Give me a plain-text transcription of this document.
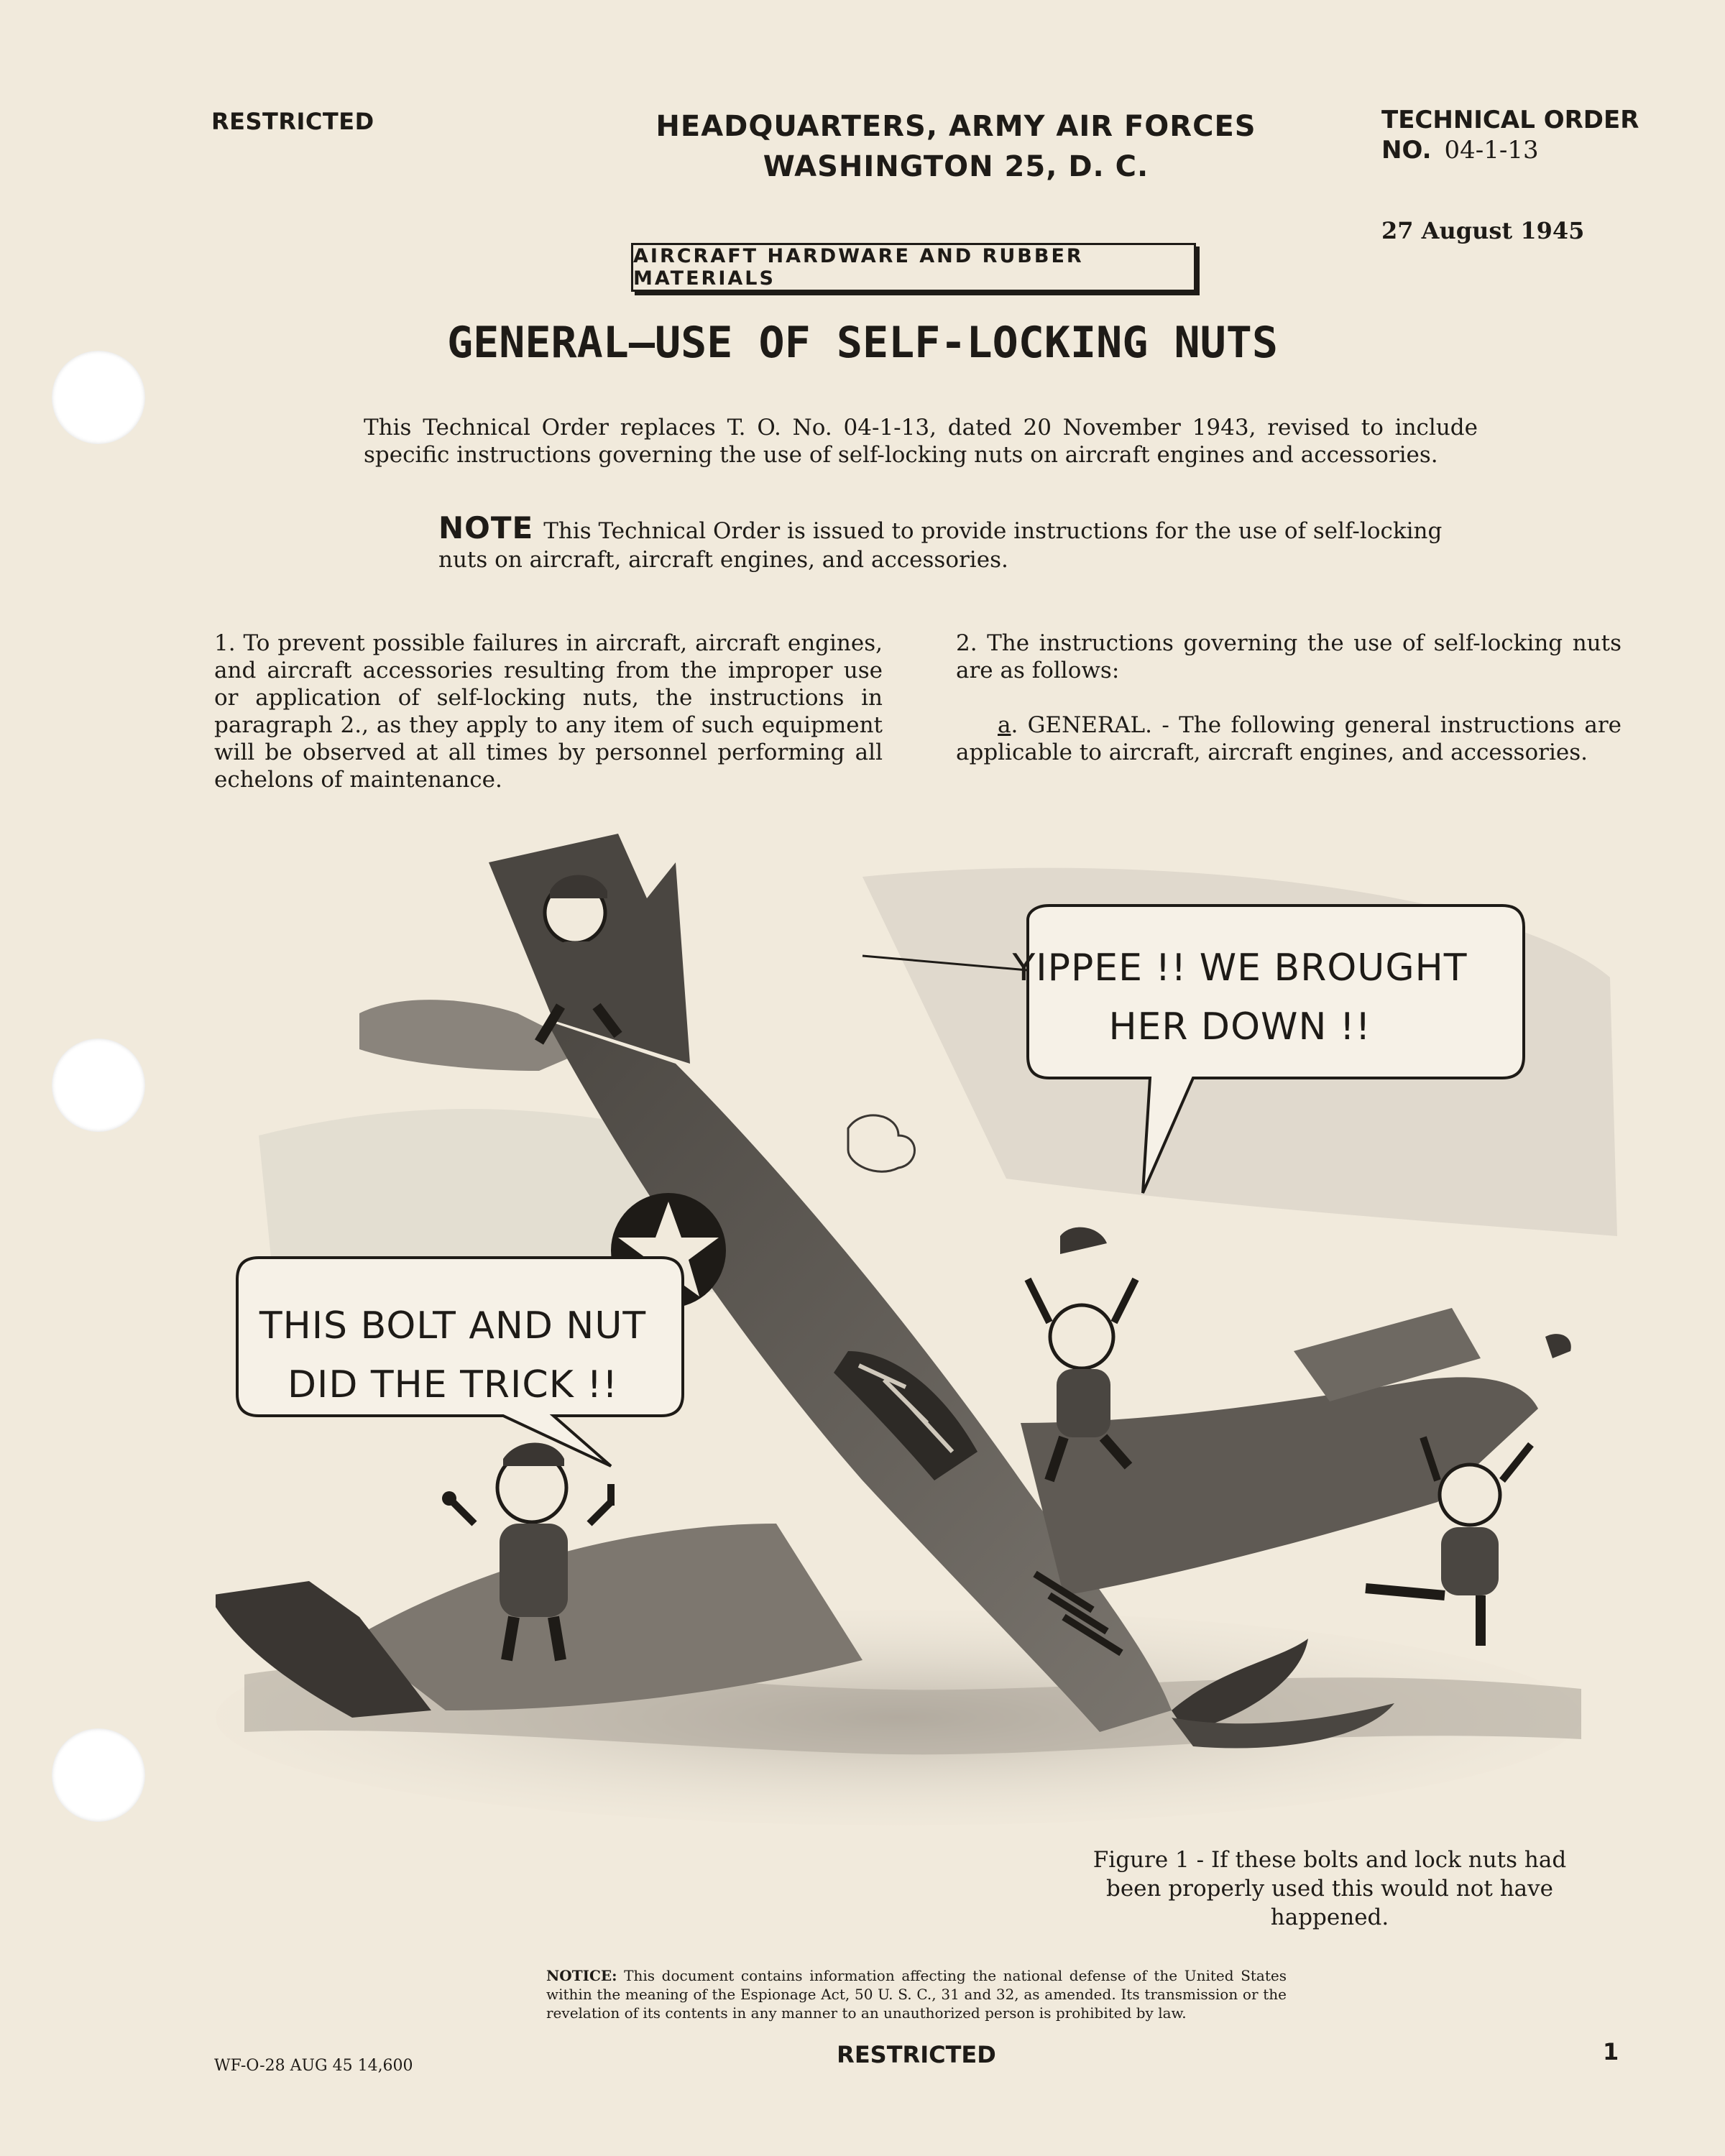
RESTRICTED	HEADQUARTERS, ARMY AIR FORCES
WASHINGTON 25, D. C.
TECHNICAL ORDER
NO. 04-1-13
27 August 1945
AIRCRAFT HARDWARE AND RUBBER MATERIALS
GENERAL—USE OF SELF-LOCKING NUTS
This Technical Order replaces T. O. No. 04-1-13, dated 20 November 1943, revised to include specific instructions governing the use of self-locking nuts on aircraft engines and accessories.
NOTE This Technical Order is issued to provide instructions for the use of self-locking nuts on aircraft, aircraft engines, and accessories.

1. To prevent possible failures in aircraft, aircraft engines, and aircraft accessories resulting from the improper use or application of self-locking nuts, the instructions in paragraph 2., as they apply to any item of such equipment will be observed at all times by personnel performing all echelons of maintenance.

2. The instructions governing the use of self-locking nuts are as follows:

a. GENERAL. - The following general instructions are applicable to aircraft, aircraft engines, and accessories.

YIPPEE !! WE BROUGHT
HER DOWN !!
THIS BOLT AND NUT
DID THE TRICK !!
Figure 1 - If these bolts and lock nuts had been properly used this would not have happened.
NOTICE: This document contains information affecting the national defense of the United States within the meaning of the Espionage Act, 50 U. S. C., 31 and 32, as amended. Its transmission or the revelation of its contents in any manner to an unauthorized person is prohibited by law.
WF-O-28 AUG 45 14,600	RESTRICTED	1
